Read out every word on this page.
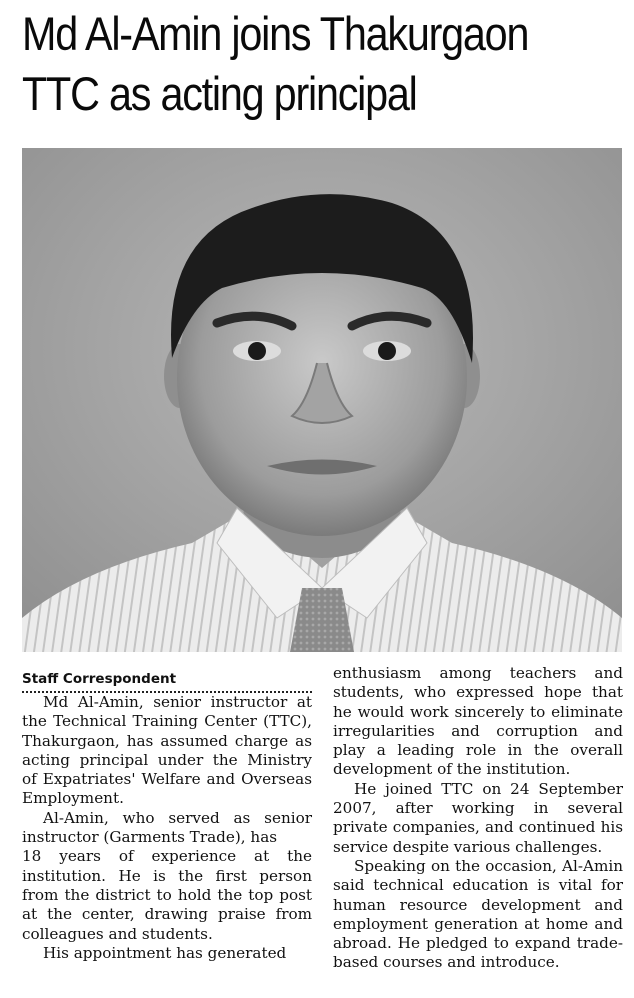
Md Al-Amin joins Thakurgaon
TTC as acting principal

Staff Correspondent

Md Al-Amin, senior instructor at the Technical Training Center (TTC), Thakurgaon, has assumed charge as acting principal under the Ministry of Expatriates' Welfare and Overseas Employment.

Al-Amin, who served as senior instructor (Garments Trade), has

18 years of experience at the institution. He is the first person from the district to hold the top post at the center, drawing praise from colleagues and students.

His appointment has generated

enthusiasm among teachers and students, who expressed hope that he would work sincerely to eliminate irregularities and corruption and play a leading role in the overall development of the institution.

He joined TTC on 24 September 2007, after working in several private companies, and continued his service despite various challenges.

Speaking on the occasion, Al-Amin said technical education is vital for human resource development and employment generation at home and abroad. He pledged to expand trade-based courses and introduce.
